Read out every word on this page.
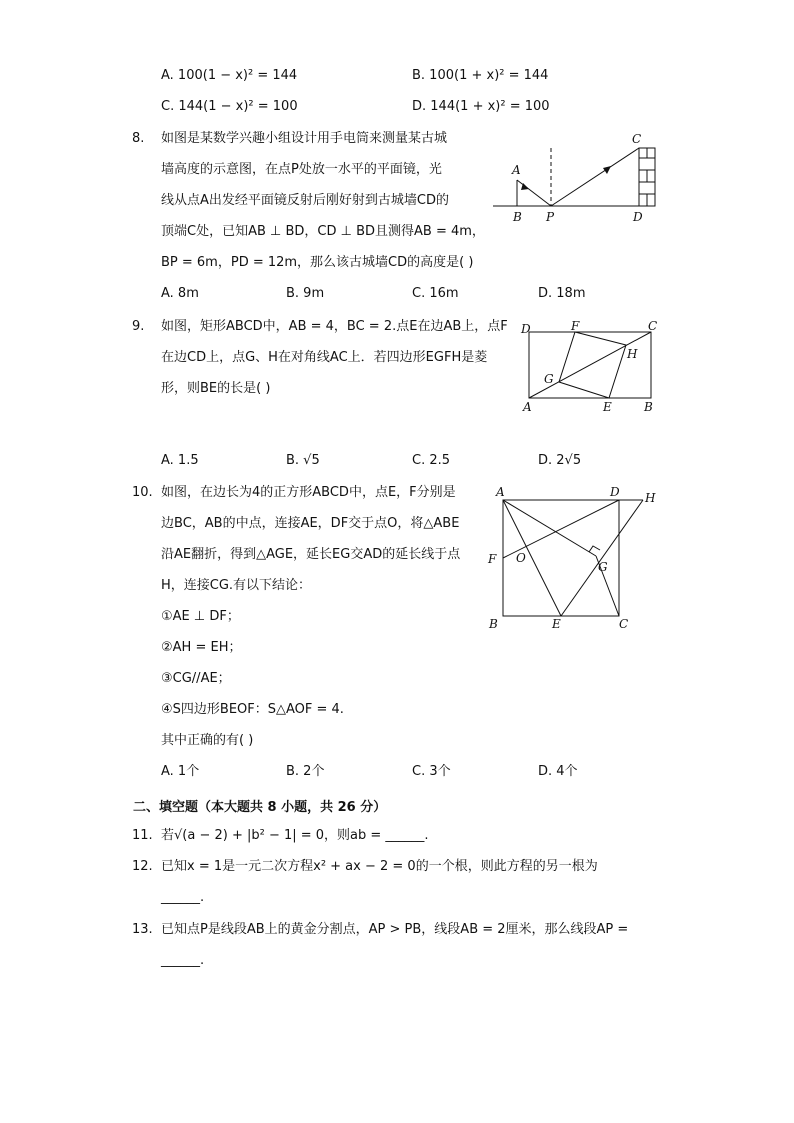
A. 100(1 − x)² = 144	B. 100(1 + x)² = 144
C. 144(1 − x)² = 100	D. 144(1 + x)² = 100
8. 如图是某数学兴趣小组设计用手电筒来测量某古城
墙高度的示意图，在点P处放一水平的平面镜，光
线从点A出发经平面镜反射后刚好射到古城墙CD的
顶端C处，已知AB ⊥ BD，CD ⊥ BD且测得AB = 4m，
BP = 6m，PD = 12m，那么该古城墙CD的高度是( )
A. 8m	B. 9m	C. 16m	D. 18m
A
B P
C
D
9. 如图，矩形ABCD中，AB = 4，BC = 2.点E在边AB上，点F
在边CD上，点G、H在对角线AC上．若四边形EGFH是菱
形，则BE的长是( )
A. 1.5	B. √5	C. 2.5	D. 2√5
D	F	C
H
G
A	E	B
10. 如图，在边长为4的正方形ABCD中，点E，F分别是
边BC，AB的中点，连接AE，DF交于点O，将△ABE
沿AE翻折，得到△AGE，延长EG交AD的延长线于点
H，连接CG.有以下结论：
①AE ⊥ DF；
②AH = EH；
③CG//AE；
④S四边形BEOF：S△AOF = 4.
其中正确的有( )
A. 1个	B. 2个	C. 3个	D. 4个
A	D H
F O
G
B	E	C
二、填空题（本大题共 8 小题，共 26 分）
11. 若√(a − 2) + |b² − 1| = 0，则ab = ______.
12. 已知x = 1是一元二次方程x² + ax − 2 = 0的一个根，则此方程的另一根为
______.
13. 已知点P是线段AB上的黄金分割点，AP > PB，线段AB = 2厘米，那么线段AP =
______.
